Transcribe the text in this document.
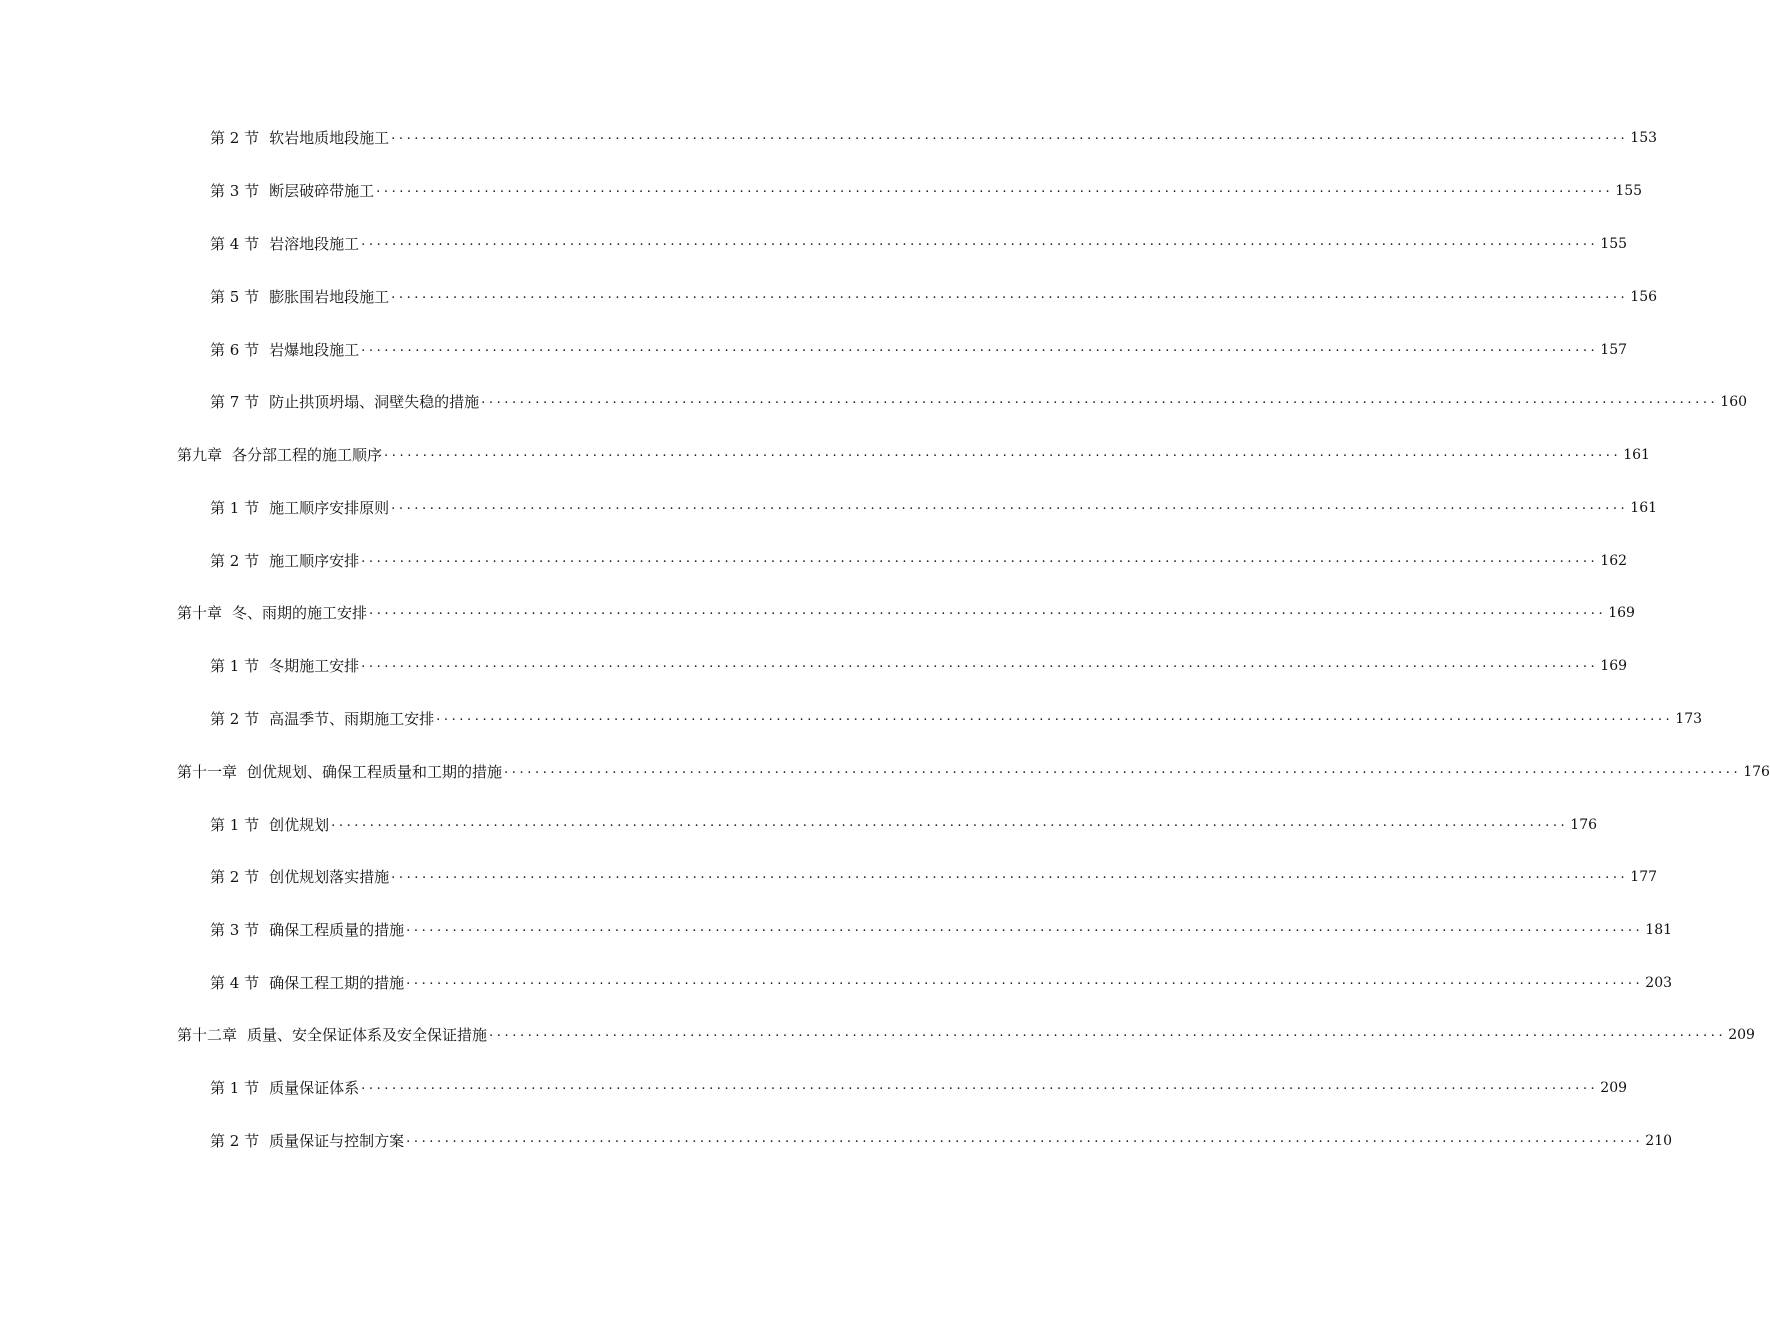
第 2 节 软岩地质地段施工 ................................................................................................................................................................ 153
第 3 节 断层破碎带施工 ................................................................................................................................................................ 155
第 4 节 岩溶地段施工 ................................................................................................................................................................ 155
第 5 节 膨胀围岩地段施工 ................................................................................................................................................................ 156
第 6 节 岩爆地段施工 ................................................................................................................................................................ 157
第 7 节 防止拱顶坍塌、洞壁失稳的措施 ................................................................................................................................................................ 160
第九章 各分部工程的施工顺序 ................................................................................................................................................................ 161
第 1 节 施工顺序安排原则 ................................................................................................................................................................ 161
第 2 节 施工顺序安排 ................................................................................................................................................................ 162
第十章 冬、雨期的施工安排 ................................................................................................................................................................ 169
第 1 节 冬期施工安排 ................................................................................................................................................................ 169
第 2 节 高温季节、雨期施工安排 ................................................................................................................................................................ 173
第十一章 创优规划、确保工程质量和工期的措施 ................................................................................................................................................................ 176
第 1 节 创优规划 ................................................................................................................................................................ 176
第 2 节 创优规划落实措施 ................................................................................................................................................................ 177
第 3 节 确保工程质量的措施 ................................................................................................................................................................ 181
第 4 节 确保工程工期的措施 ................................................................................................................................................................ 203
第十二章 质量、安全保证体系及安全保证措施 ................................................................................................................................................................ 209
第 1 节 质量保证体系 ................................................................................................................................................................ 209
第 2 节 质量保证与控制方案 ................................................................................................................................................................ 210
